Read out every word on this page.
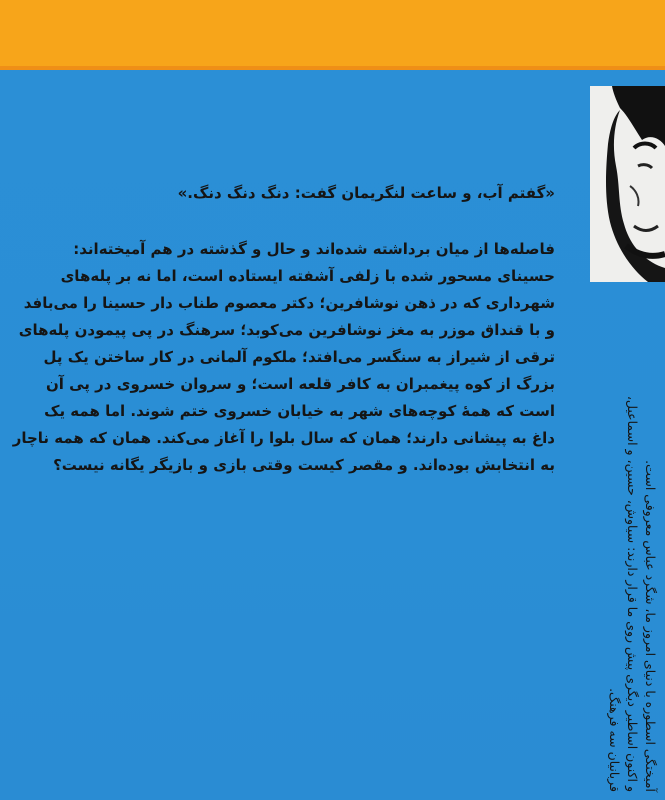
«گفتم آب، و ساعت لنگریمان گفت: دنگ دنگ دنگ.»
فاصله‌ها از میان برداشته شده‌اند و حال و گذشته در هم آمیخته‌اند:
حسینای مسحور شده با زلفی آشفته ایستاده است، اما نه بر پله‌های
شهرداری که در ذهن نوشافرین؛ دکتر معصوم طناب دار حسینا را می‌بافد
و با قنداق موزر به مغز نوشافرین می‌کوبد؛ سرهنگ در پی پیمودن پله‌های
ترقی از شیراز به سنگسر می‌افتد؛ ملکوم آلمانی در کار ساختن یک پل
بزرگ از کوه پیغمبران به کافر قلعه است؛ و سروان خسروی در پی آن
است که همهٔ کوچه‌های شهر به خیابان خسروی ختم شوند. اما همه یک
داغ به پیشانی دارند؛ همان که سال بلوا را آغاز می‌کند. همان که همه ناچار
به انتخابش بوده‌اند. و مقصر کیست وقتی بازی و بازیگر یگانه نیست؟	آمیختگی اسطوره با دنیای امروز ما، شگرد عباس معروفی است.
و اکنون اساطیر دیگری پیش روی ما قرار دارند: سیاوش، حسین، و اسماعیل،
قربانیان سه فرهنگ.
